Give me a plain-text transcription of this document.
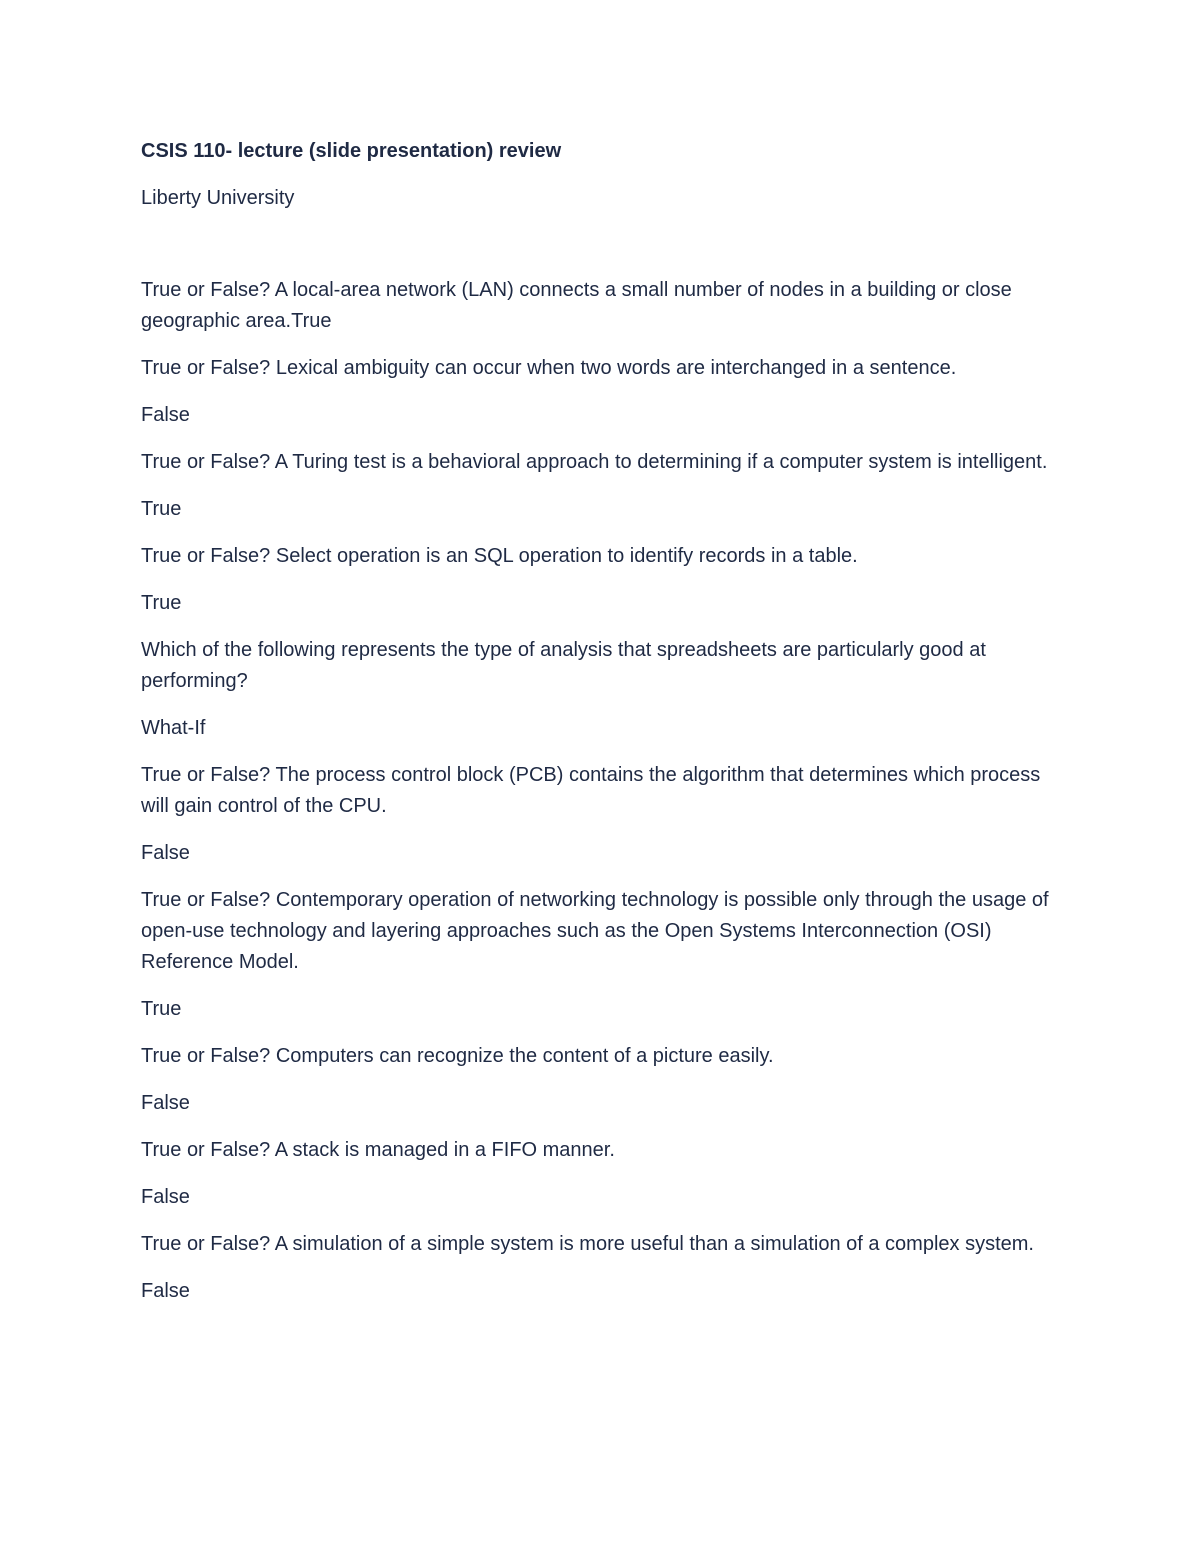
CSIS 110- lecture (slide presentation) review
Liberty University
True or False? A local-area network (LAN) connects a small number of nodes in a building or close geographic area.True
True or False? Lexical ambiguity can occur when two words are interchanged in a sentence.
False
True or False? A Turing test is a behavioral approach to determining if a computer system is intelligent.
True
True or False? Select operation is an SQL operation to identify records in a table.
True
Which of the following represents the type of analysis that spreadsheets are particularly good at performing?
What-If
True or False? The process control block (PCB) contains the algorithm that determines which process will gain control of the CPU.
False
True or False? Contemporary operation of networking technology is possible only through the usage of open-use technology and layering approaches such as the Open Systems Interconnection (OSI) Reference Model.
True
True or False? Computers can recognize the content of a picture easily.
False
True or False? A stack is managed in a FIFO manner.
False
True or False? A simulation of a simple system is more useful than a simulation of a complex system.
False
